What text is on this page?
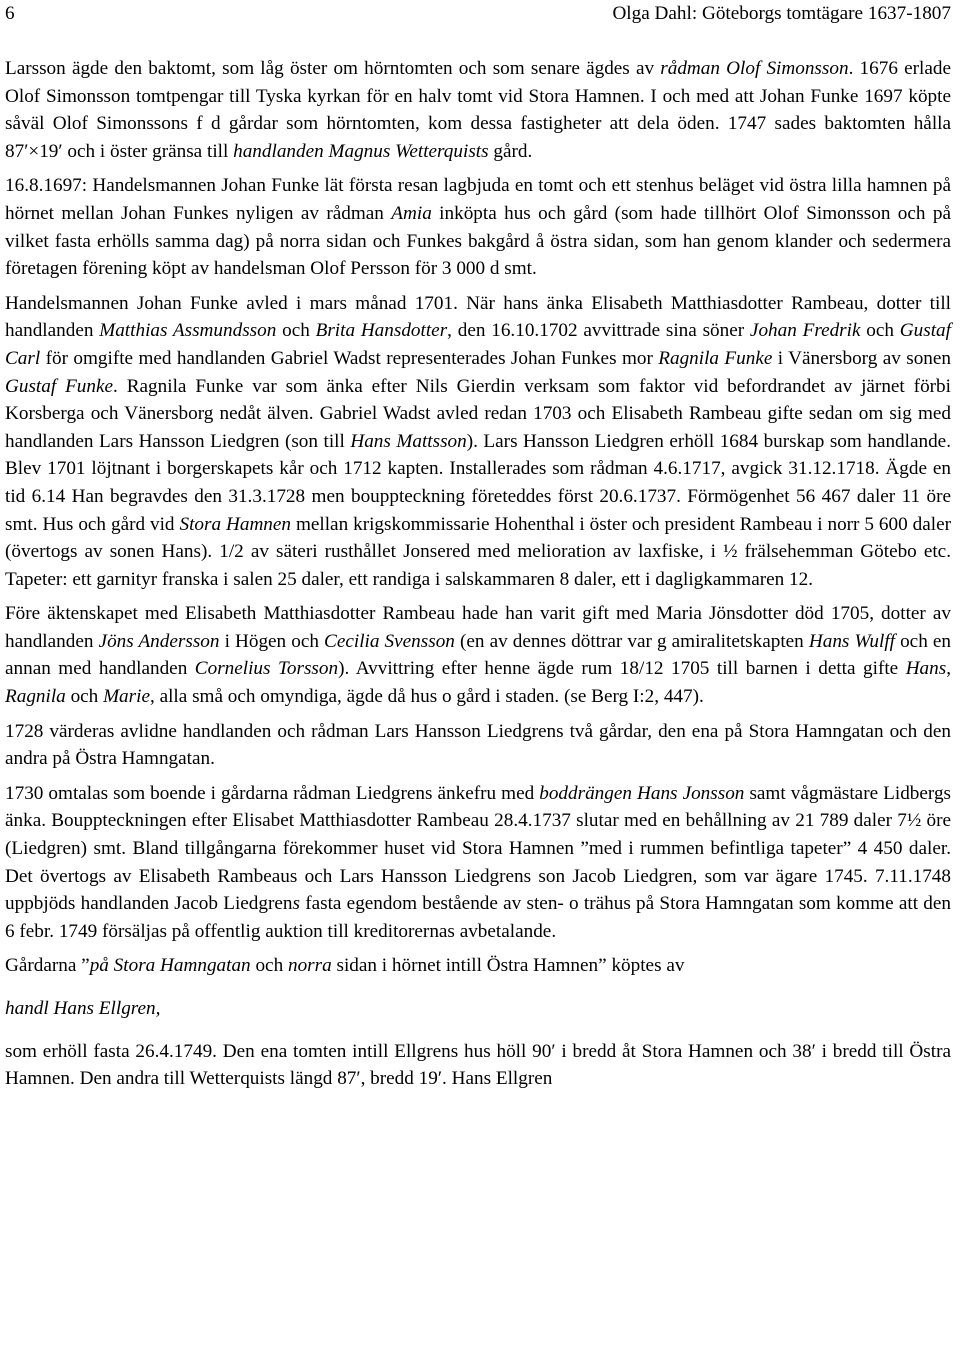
6	Olga Dahl: Göteborgs tomtägare 1637-1807

Larsson ägde den baktomt, som låg öster om hörntomten och som senare ägdes av rådman Olof Simonsson. 1676 erlade Olof Simonsson tomtpengar till Tyska kyrkan för en halv tomt vid Stora Hamnen. I och med att Johan Funke 1697 köpte såväl Olof Simonssons f d gårdar som hörntomten, kom dessa fastigheter att dela öden. 1747 sades baktomten hålla 87′×19′ och i öster gränsa till handlanden Magnus Wetterquists gård.

16.8.1697: Handelsmannen Johan Funke lät första resan lagbjuda en tomt och ett stenhus beläget vid östra lilla hamnen på hörnet mellan Johan Funkes nyligen av rådman Amia inköpta hus och gård (som hade tillhört Olof Simonsson och på vilket fasta erhölls samma dag) på norra sidan och Funkes bakgård å östra sidan, som han genom klander och sedermera företagen förening köpt av handelsman Olof Persson för 3 000 d smt.

Handelsmannen Johan Funke avled i mars månad 1701. När hans änka Elisabeth Matthiasdotter Rambeau, dotter till handlanden Matthias Assmundsson och Brita Hansdotter, den 16.10.1702 avvittrade sina söner Johan Fredrik och Gustaf Carl för omgifte med handlanden Gabriel Wadst representerades Johan Funkes mor Ragnila Funke i Vänersborg av sonen Gustaf Funke. Ragnila Funke var som änka efter Nils Gierdin verksam som faktor vid befordrandet av järnet förbi Korsberga och Vänersborg nedåt älven. Gabriel Wadst avled redan 1703 och Elisabeth Rambeau gifte sedan om sig med handlanden Lars Hansson Liedgren (son till Hans Mattsson). Lars Hansson Liedgren erhöll 1684 burskap som handlande. Blev 1701 löjtnant i borgerskapets kår och 1712 kapten. Installerades som rådman 4.6.1717, avgick 31.12.1718. Ägde en tid 6.14 Han begravdes den 31.3.1728 men bouppteckning företeddes först 20.6.1737. Förmögenhet 56 467 daler 11 öre smt. Hus och gård vid Stora Hamnen mellan krigskommissarie Hohenthal i öster och president Rambeau i norr 5 600 daler (övertogs av sonen Hans). 1/2 av säteri rusthållet Jonsered med melioration av laxfiske, i ½ frälsehemman Götebo etc. Tapeter: ett garnityr franska i salen 25 daler, ett randiga i salskammaren 8 daler, ett i dagligkammaren 12.

Före äktenskapet med Elisabeth Matthiasdotter Rambeau hade han varit gift med Maria Jönsdotter död 1705, dotter av handlanden Jöns Andersson i Högen och Cecilia Svensson (en av dennes döttrar var g amiralitetskapten Hans Wulff och en annan med handlanden Cornelius Torsson). Avvittring efter henne ägde rum 18/12 1705 till barnen i detta gifte Hans, Ragnila och Marie, alla små och omyndiga, ägde då hus o gård i staden. (se Berg I:2, 447).

1728 värderas avlidne handlanden och rådman Lars Hansson Liedgrens två gårdar, den ena på Stora Hamngatan och den andra på Östra Hamngatan.

1730 omtalas som boende i gårdarna rådman Liedgrens änkefru med boddrängen Hans Jonsson samt vågmästare Lidbergs änka. Bouppteckningen efter Elisabet Matthiasdotter Rambeau 28.4.1737 slutar med en behållning av 21 789 daler 7½ öre (Liedgren) smt. Bland tillgångarna förekommer huset vid Stora Hamnen ”med i rummen befintliga tapeter” 4 450 daler. Det övertogs av Elisabeth Rambeaus och Lars Hansson Liedgrens son Jacob Liedgren, som var ägare 1745. 7.11.1748 uppbjöds handlanden Jacob Liedgrens fasta egendom bestående av sten- o trähus på Stora Hamngatan som komme att den 6 febr. 1749 försäljas på offentlig auktion till kreditorernas avbetalande.

Gårdarna ”på Stora Hamngatan och norra sidan i hörnet intill Östra Hamnen” köptes av

handl Hans Ellgren,

som erhöll fasta 26.4.1749. Den ena tomten intill Ellgrens hus höll 90′ i bredd åt Stora Hamnen och 38′ i bredd till Östra Hamnen. Den andra till Wetterquists längd 87′, bredd 19′. Hans Ellgren
